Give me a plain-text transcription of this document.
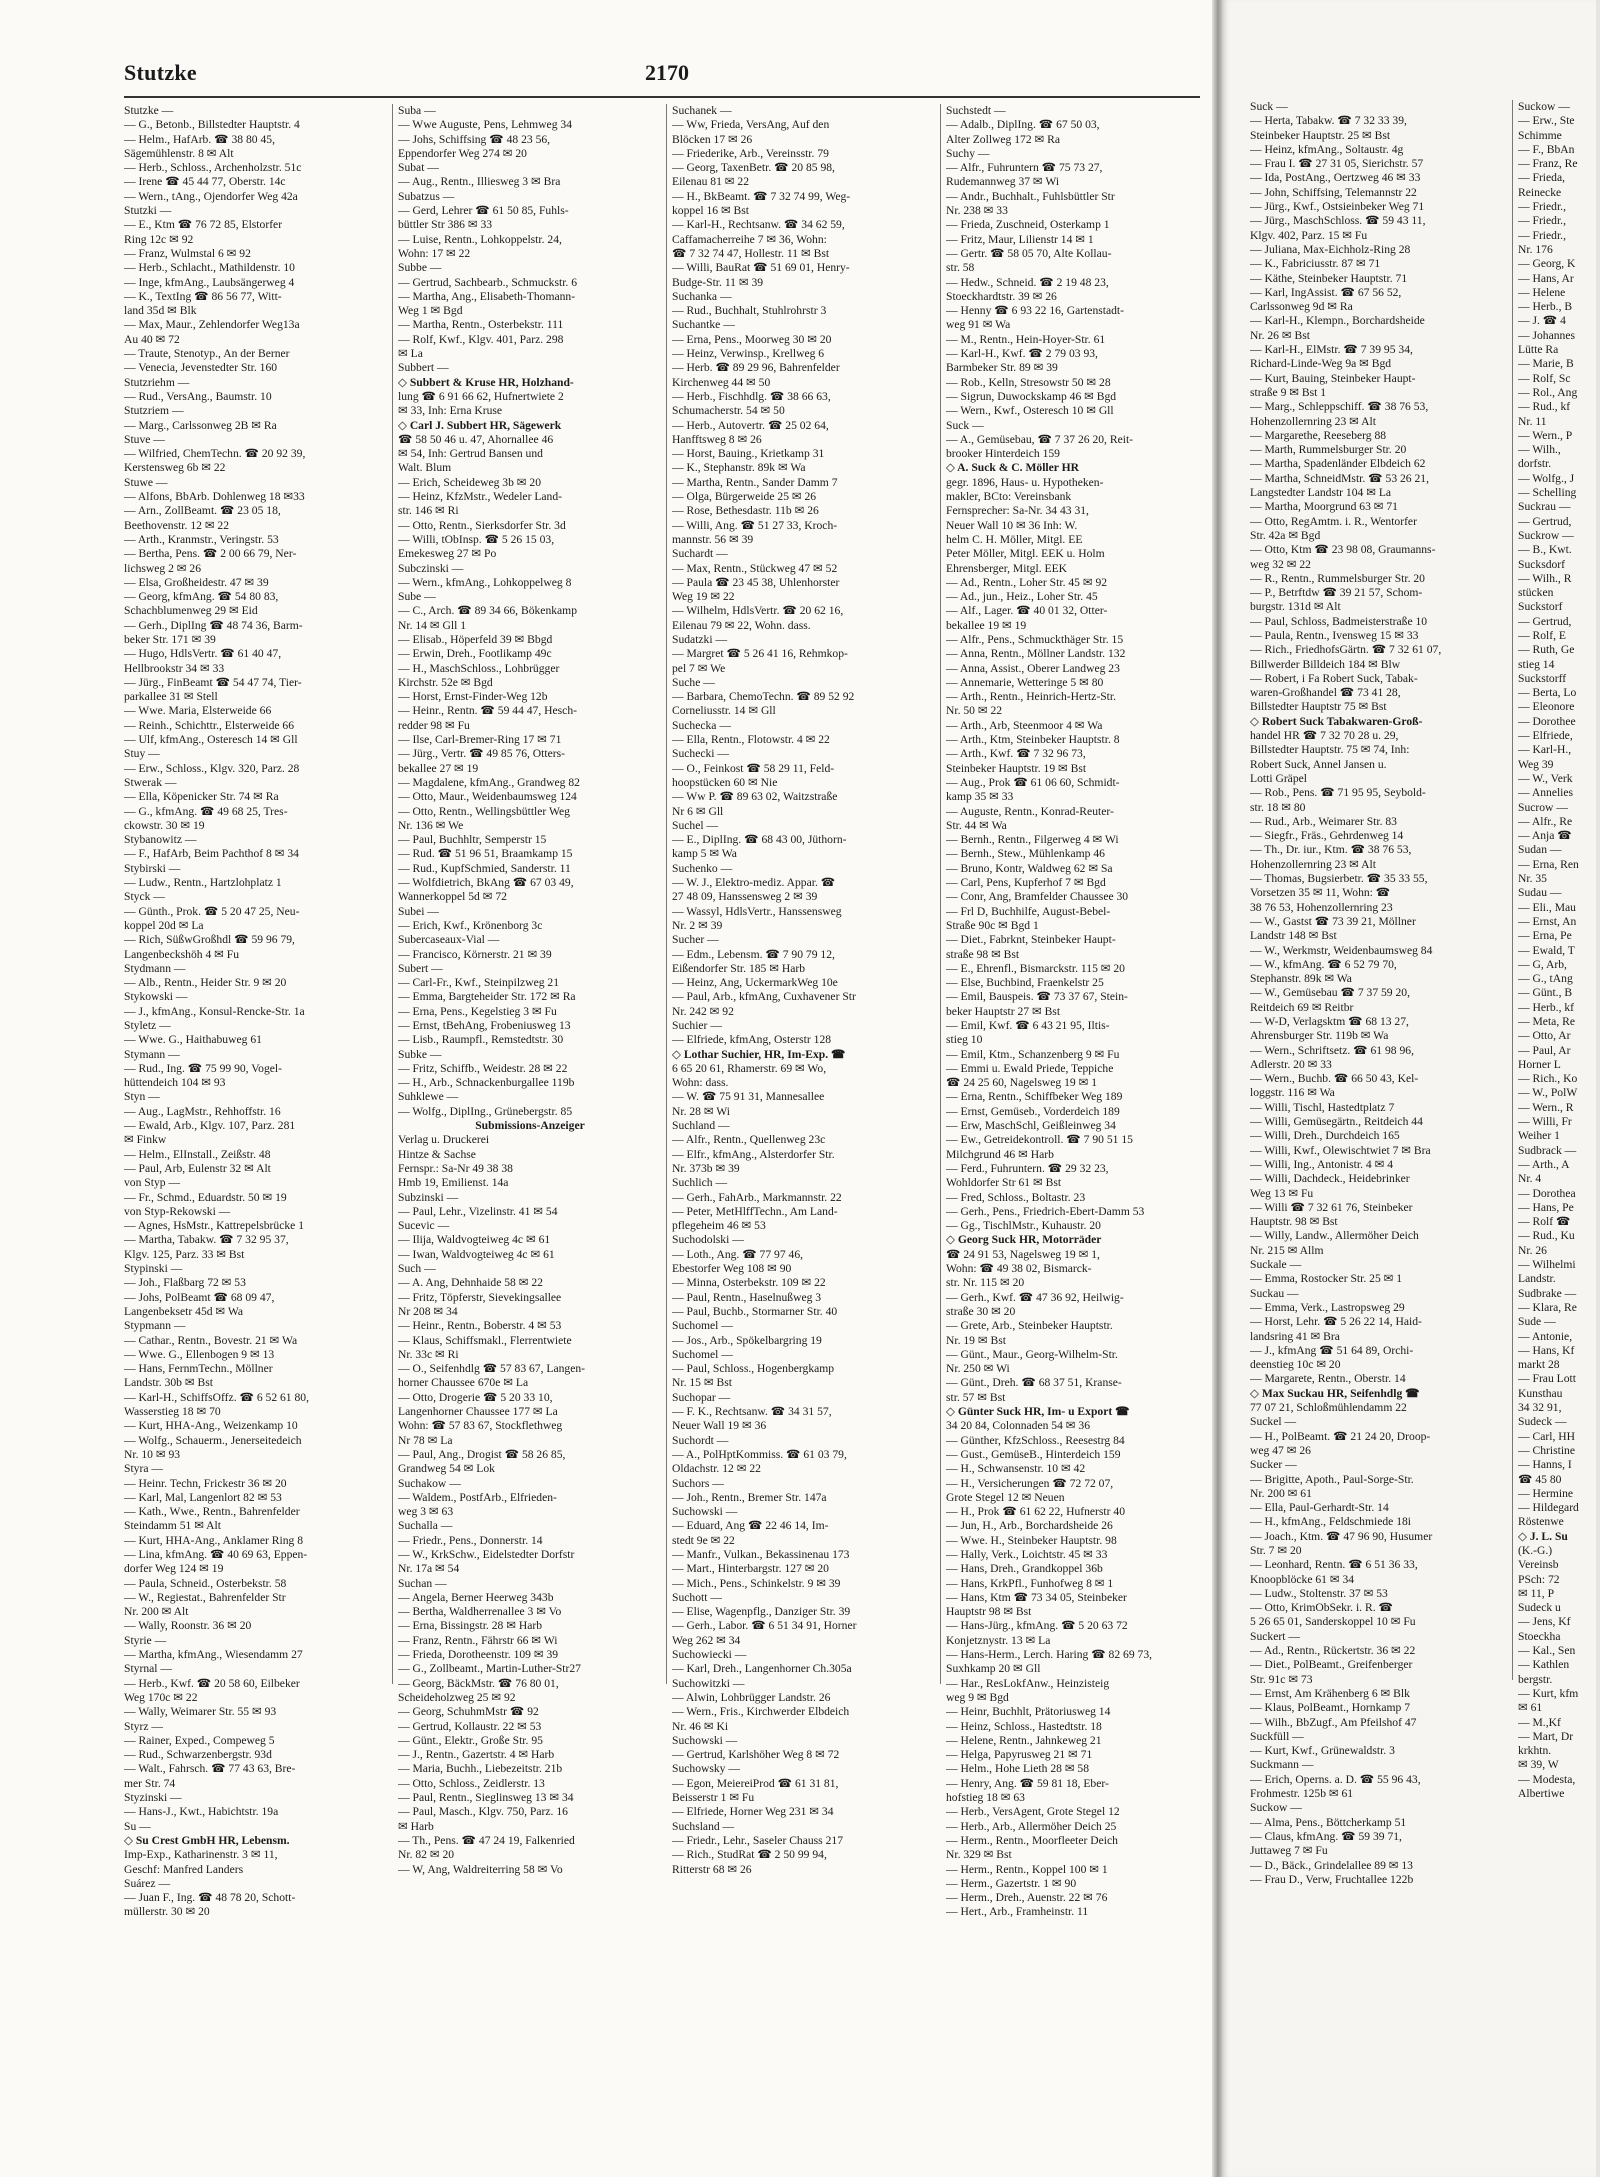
Stutzke	2170
Stutzke —
— G., Betonb., Billstedter Hauptstr. 4
— Helm., HafArb. ☎ 38 80 45,
Sägemühlenstr. 8 ✉ Alt
— Herb., Schloss., Archenholzstr. 51c
— Irene ☎ 45 44 77, Oberstr. 14c
— Wern., tAng., Ojendorfer Weg 42a
Stutzki —
— E., Ktm ☎ 76 72 85, Elstorfer
Ring 12c ✉ 92
— Franz, Wulmstal 6 ✉ 92
— Herb., Schlacht., Mathildenstr. 10
— Inge, kfmAng., Laubsängerweg 4
— K., TextIng ☎ 86 56 77, Witt-
land 35d ✉ Blk
— Max, Maur., Zehlendorfer Weg13a
Au 40 ✉ 72
— Traute, Stenotyp., An der Berner
— Venecia, Jevenstedter Str. 160
Stutzriehm —
— Rud., VersAng., Baumstr. 10
Stutzriem —
— Marg., Carlssonweg 2B ✉ Ra
Stuve —
— Wilfried, ChemTechn. ☎ 20 92 39,
Kerstensweg 6b ✉ 22
Stuwe —
— Alfons, BbArb. Dohlenweg 18 ✉33
— Arn., ZollBeamt. ☎ 23 05 18,
Beethovenstr. 12 ✉ 22
— Arth., Kranmstr., Veringstr. 53
— Bertha, Pens. ☎ 2 00 66 79, Ner-
lichsweg 2 ✉ 26
— Elsa, Großheidestr. 47 ✉ 39
— Georg, kfmAng. ☎ 54 80 83,
Schachblumenweg 29 ✉ Eid
— Gerh., DiplIng ☎ 48 74 36, Barm-
beker Str. 171 ✉ 39
— Hugo, HdlsVertr. ☎ 61 40 47,
Hellbrookstr 34 ✉ 33
— Jürg., FinBeamt ☎ 54 47 74, Tier-
parkallee 31 ✉ Stell
— Wwe. Maria, Elsterweide 66
— Reinh., Schichttr., Elsterweide 66
— Ulf, kfmAng., Osteresch 14 ✉ Gll
Stuy —
— Erw., Schloss., Klgv. 320, Parz. 28
Stwerak —
— Ella, Köpenicker Str. 74 ✉ Ra
— G., kfmAng. ☎ 49 68 25, Tres-
ckowstr. 30 ✉ 19
Stybanowitz —
— F., HafArb, Beim Pachthof 8 ✉ 34
Stybirski —
— Ludw., Rentn., Hartzlohplatz 1
Styck —
— Günth., Prok. ☎ 5 20 47 25, Neu-
koppel 20d ✉ La
— Rich, SüßwGroßhdl ☎ 59 96 79,
Langenbeckshöh 4 ✉ Fu
Stydmann —
— Alb., Rentn., Heider Str. 9 ✉ 20
Stykowski —
— J., kfmAng., Konsul-Rencke-Str. 1a
Styletz —
— Wwe. G., Haithabuweg 61
Stymann —
— Rud., Ing. ☎ 75 99 90, Vogel-
hüttendeich 104 ✉ 93
Styn —
— Aug., LagMstr., Rehhoffstr. 16
— Ewald, Arb., Klgv. 107, Parz. 281
✉ Finkw
— Helm., ElInstall., Zeißstr. 48
— Paul, Arb, Eulenstr 32 ✉ Alt
von Styp —
— Fr., Schmd., Eduardstr. 50 ✉ 19
von Styp-Rekowski —
— Agnes, HsMstr., Kattrepelsbrücke 1
— Martha, Tabakw. ☎ 7 32 95 37,
Klgv. 125, Parz. 33 ✉ Bst
Stypinski —
— Joh., Flaßbarg 72 ✉ 53
— Johs, PolBeamt ☎ 68 09 47,
Langenbeksetr 45d ✉ Wa
Stypmann —
— Cathar., Rentn., Bovestr. 21 ✉ Wa
— Wwe. G., Ellenbogen 9 ✉ 13
— Hans, FernmTechn., Möllner
Landstr. 30b ✉ Bst
— Karl-H., SchiffsOffz. ☎ 6 52 61 80,
Wasserstieg 18 ✉ 70
— Kurt, HHA-Ang., Weizenkamp 10
— Wolfg., Schauerm., Jenerseitedeich
Nr. 10 ✉ 93
Styra —
— Heinr. Techn, Frickestr 36 ✉ 20
— Karl, Mal, Langenlort 82 ✉ 53
— Kath., Wwe., Rentn., Bahrenfelder
Steindamm 51 ✉ Alt
— Kurt, HHA-Ang., Anklamer Ring 8
— Lina, kfmAng. ☎ 40 69 63, Eppen-
dorfer Weg 124 ✉ 19
— Paula, Schneid., Osterbekstr. 58
— W., Regiestat., Bahrenfelder Str
Nr. 200 ✉ Alt
— Wally, Roonstr. 36 ✉ 20
Styrie —
— Martha, kfmAng., Wiesendamm 27
Styrnal —
— Herb., Kwf. ☎ 20 58 60, Eilbeker
Weg 170c ✉ 22
— Wally, Weimarer Str. 55 ✉ 93
Styrz —
— Rainer, Exped., Compeweg 5
— Rud., Schwarzenbergstr. 93d
— Walt., Fahrsch. ☎ 77 43 63, Bre-
mer Str. 74
Styzinski —
— Hans-J., Kwt., Habichtstr. 19a
Su —
◇ Su Crest GmbH HR, Lebensm.
Imp-Exp., Katharinenstr. 3 ✉ 11,
Geschf: Manfred Landers
Suárez —
— Juan F., Ing. ☎ 48 78 20, Schott-
müllerstr. 30 ✉ 20
Suba —
— Wwe Auguste, Pens, Lehmweg 34
— Johs, Schiffsing ☎ 48 23 56,
Eppendorfer Weg 274 ✉ 20
Subat —
— Aug., Rentn., Illiesweg 3 ✉ Bra
Subatzus —
— Gerd, Lehrer ☎ 61 50 85, Fuhls-
büttler Str 386 ✉ 33
— Luise, Rentn., Lohkoppelstr. 24,
Wohn: 17 ✉ 22
Subbe —
— Gertrud, Sachbearb., Schmuckstr. 6
— Martha, Ang., Elisabeth-Thomann-
Weg 1 ✉ Bgd
— Martha, Rentn., Osterbekstr. 111
— Rolf, Kwf., Klgv. 401, Parz. 298
✉ La
Subbert —
◇ Subbert & Kruse HR, Holzhand-
lung ☎ 6 91 66 62, Hufnertwiete 2
✉ 33, Inh: Erna Kruse
◇ Carl J. Subbert HR, Sägewerk
☎ 58 50 46 u. 47, Ahornallee 46
✉ 54, Inh: Gertrud Bansen und
Walt. Blum
— Erich, Scheideweg 3b ✉ 20
— Heinz, KfzMstr., Wedeler Land-
str. 146 ✉ Ri
— Otto, Rentn., Sierksdorfer Str. 3d
— Willi, tObInsp. ☎ 5 26 15 03,
Emekesweg 27 ✉ Po
Subczinski —
— Wern., kfmAng., Lohkoppelweg 8
Sube —
— C., Arch. ☎ 89 34 66, Bökenkamp
Nr. 14 ✉ Gll 1
— Elisab., Höperfeld 39 ✉ Bbgd
— Erwin, Dreh., Footlikamp 49c
— H., MaschSchloss., Lohbrügger
Kirchstr. 52e ✉ Bgd
— Horst, Ernst-Finder-Weg 12b
— Heinr., Rentn. ☎ 59 44 47, Hesch-
redder 98 ✉ Fu
— Ilse, Carl-Bremer-Ring 17 ✉ 71
— Jürg., Vertr. ☎ 49 85 76, Otters-
bekallee 27 ✉ 19
— Magdalene, kfmAng., Grandweg 82
— Otto, Maur., Weidenbaumsweg 124
— Otto, Rentn., Wellingsbüttler Weg
Nr. 136 ✉ We
— Paul, Buchhltr, Semperstr 15
— Rud. ☎ 51 96 51, Braamkamp 15
— Rud., KupfSchmied, Sanderstr. 11
— Wolfdietrich, BkAng ☎ 67 03 49,
Wannerkoppel 5d ✉ 72
Subei —
— Erich, Kwf., Krönenborg 3c
Subercaseaux-Vial —
— Francisco, Körnerstr. 21 ✉ 39
Subert —
— Carl-Fr., Kwf., Steinpilzweg 21
— Emma, Bargteheider Str. 172 ✉ Ra
— Erna, Pens., Kegelstieg 3 ✉ Fu
— Ernst, tBehAng, Frobeniusweg 13
— Lisb., Raumpfl., Remstedtstr. 30
Subke —
— Fritz, Schiffb., Weidestr. 28 ✉ 22
— H., Arb., Schnackenburgallee 119b
Suhklewe —
— Wolfg., DiplIng., Grünebergstr. 85
Submissions-Anzeiger
Verlag u. Druckerei
Hintze & Sachse
Fernspr.: Sa-Nr 49 38 38
Hmb 19, Emilienst. 14a
Subzinski —
— Paul, Lehr., Vizelinstr. 41 ✉ 54
Sucevic —
— Ilija, Waldvogteiweg 4c ✉ 61
— Iwan, Waldvogteiweg 4c ✉ 61
Such —
— A. Ang, Dehnhaide 58 ✉ 22
— Fritz, Töpferstr, Sievekingsallee
Nr 208 ✉ 34
— Heinr., Rentn., Boberstr. 4 ✉ 53
— Klaus, Schiffsmakl., Flerrentwiete
Nr. 33c ✉ Ri
— O., Seifenhdlg ☎ 57 83 67, Langen-
horner Chaussee 670e ✉ La
— Otto, Drogerie ☎ 5 20 33 10,
Langenhorner Chaussee 177 ✉ La
Wohn: ☎ 57 83 67, Stockflethweg
Nr 78 ✉ La
— Paul, Ang., Drogist ☎ 58 26 85,
Grandweg 54 ✉ Lok
Suchakow —
— Waldem., PostfArb., Elfrieden-
weg 3 ✉ 63
Suchalla —
— Friedr., Pens., Donnerstr. 14
— W., KrkSchw., Eidelstedter Dorfstr
Nr. 17a ✉ 54
Suchan —
— Angela, Berner Heerweg 343b
— Bertha, Waldherrenallee 3 ✉ Vo
— Erna, Bissingstr. 28 ✉ Harb
— Franz, Rentn., Fährstr 66 ✉ Wi
— Frieda, Dorotheenstr. 109 ✉ 39
— G., Zollbeamt., Martin-Luther-Str27
— Georg, BäckMstr. ☎ 76 80 01,
Scheideholzweg 25 ✉ 92
— Georg, SchuhmMstr ☎ 92
— Gertrud, Kollaustr. 22 ✉ 53
— Günt., Elektr., Große Str. 95
— J., Rentn., Gazertstr. 4 ✉ Harb
— Maria, Buchh., Liebezeitstr. 21b
— Otto, Schloss., Zeidlerstr. 13
— Paul, Rentn., Sieglinsweg 13 ✉ 34
— Paul, Masch., Klgv. 750, Parz. 16
✉ Harb
— Th., Pens. ☎ 47 24 19, Falkenried
Nr. 82 ✉ 20
— W, Ang, Waldreiterring 58 ✉ Vo
Suchanek —
— Ww, Frieda, VersAng, Auf den
Blöcken 17 ✉ 26
— Friederike, Arb., Vereinsstr. 79
— Georg, TaxenBetr. ☎ 20 85 98,
Eilenau 81 ✉ 22
— H., BkBeamt. ☎ 7 32 74 99, Weg-
koppel 16 ✉ Bst
— Karl-H., Rechtsanw. ☎ 34 62 59,
Caffamacherreihe 7 ✉ 36, Wohn:
☎ 7 32 74 47, Hollestr. 11 ✉ Bst
— Willi, BauRat ☎ 51 69 01, Henry-
Budge-Str. 11 ✉ 39
Suchanka —
— Rud., Buchhalt, Stuhlrohrstr 3
Suchantke —
— Erna, Pens., Moorweg 30 ✉ 20
— Heinz, Verwinsp., Krellweg 6
— Herb. ☎ 89 29 96, Bahrenfelder
Kirchenweg 44 ✉ 50
— Herb., Fischhdlg. ☎ 38 66 63,
Schumacherstr. 54 ✉ 50
— Herb., Autovertr. ☎ 25 02 64,
Hanfftsweg 8 ✉ 26
— Horst, Bauing., Krietkamp 31
— K., Stephanstr. 89k ✉ Wa
— Martha, Rentn., Sander Damm 7
— Olga, Bürgerweide 25 ✉ 26
— Rose, Bethesdastr. 11b ✉ 26
— Willi, Ang. ☎ 51 27 33, Kroch-
mannstr. 56 ✉ 39
Suchardt —
— Max, Rentn., Stückweg 47 ✉ 52
— Paula ☎ 23 45 38, Uhlenhorster
Weg 19 ✉ 22
— Wilhelm, HdlsVertr. ☎ 20 62 16,
Eilenau 79 ✉ 22, Wohn. dass.
Sudatzki —
— Margret ☎ 5 26 41 16, Rehmkop-
pel 7 ✉ We
Suche —
— Barbara, ChemoTechn. ☎ 89 52 92
Corneliusstr. 14 ✉ Gll
Suchecka —
— Ella, Rentn., Flotowstr. 4 ✉ 22
Suchecki —
— O., Feinkost ☎ 58 29 11, Feld-
hoopstücken 60 ✉ Nie
— Ww P. ☎ 89 63 02, Waitzstraße
Nr 6 ✉ Gll
Suchel —
— E., DiplIng. ☎ 68 43 00, Jüthorn-
kamp 5 ✉ Wa
Suchenko —
— W. J., Elektro-mediz. Appar. ☎
27 48 09, Hanssensweg 2 ✉ 39
— Wassyl, HdlsVertr., Hanssensweg
Nr. 2 ✉ 39
Sucher —
— Edm., Lebensm. ☎ 7 90 79 12,
Eißendorfer Str. 185 ✉ Harb
— Heinz, Ang, UckermarkWeg 10e
— Paul, Arb., kfmAng, Cuxhavener Str
Nr. 242 ✉ 92
Suchier —
— Elfriede, kfmAng, Osterstr 128
◇ Lothar Suchier, HR, Im-Exp. ☎
6 65 20 61, Rhamerstr. 69 ✉ Wo,
Wohn: dass.
— W. ☎ 75 91 31, Mannesallee
Nr. 28 ✉ Wi
Suchland —
— Alfr., Rentn., Quellenweg 23c
— Elfr., kfmAng., Alsterdorfer Str.
Nr. 373b ✉ 39
Suchlich —
— Gerh., FahArb., Markmannstr. 22
— Peter, MetHlffTechn., Am Land-
pflegeheim 46 ✉ 53
Suchodolski —
— Loth., Ang. ☎ 77 97 46,
Ebestorfer Weg 108 ✉ 90
— Minna, Osterbekstr. 109 ✉ 22
— Paul, Rentn., Haselnußweg 3
— Paul, Buchb., Stormarner Str. 40
Suchomel —
— Jos., Arb., Spökelbargring 19
Suchomel —
— Paul, Schloss., Hogenbergkamp
Nr. 15 ✉ Bst
Suchopar —
— F. K., Rechtsanw. ☎ 34 31 57,
Neuer Wall 19 ✉ 36
Suchordt —
— A., PolHptKommiss. ☎ 61 03 79,
Oldachstr. 12 ✉ 22
Suchors —
— Joh., Rentn., Bremer Str. 147a
Suchowski —
— Eduard, Ang ☎ 22 46 14, Im-
stedt 9e ✉ 22
— Manfr., Vulkan., Bekassinenau 173
— Mart., Hinterbargstr. 127 ✉ 20
— Mich., Pens., Schinkelstr. 9 ✉ 39
Suchott —
— Elise, Wagenpflg., Danziger Str. 39
— Gerh., Labor. ☎ 6 51 34 91, Horner
Weg 262 ✉ 34
Suchowiecki —
— Karl, Dreh., Langenhorner Ch.305a
Suchowitzki —
— Alwin, Lohbrügger Landstr. 26
— Wern., Fris., Kirchwerder Elbdeich
Nr. 46 ✉ Ki
Suchowski —
— Gertrud, Karlshöher Weg 8 ✉ 72
Suchowsky —
— Egon, MeiereiProd ☎ 61 31 81,
Beisserstr 1 ✉ Fu
— Elfriede, Horner Weg 231 ✉ 34
Suchsland —
— Friedr., Lehr., Saseler Chauss 217
— Rich., StudRat ☎ 2 50 99 94,
Ritterstr 68 ✉ 26
Suchstedt —
— Adalb., DiplIng. ☎ 67 50 03,
Alter Zollweg 172 ✉ Ra
Suchy —
— Alfr., Fuhruntern ☎ 75 73 27,
Rudemannweg 37 ✉ Wi
— Andr., Buchhalt., Fuhlsbüttler Str
Nr. 238 ✉ 33
— Frieda, Zuschneid, Osterkamp 1
— Fritz, Maur, Lilienstr 14 ✉ 1
— Gertr. ☎ 58 05 70, Alte Kollau-
str. 58
— Hedw., Schneid. ☎ 2 19 48 23,
Stoeckhardtstr. 39 ✉ 26
— Henny ☎ 6 93 22 16, Gartenstadt-
weg 91 ✉ Wa
— M., Rentn., Hein-Hoyer-Str. 61
— Karl-H., Kwf. ☎ 2 79 03 93,
Barmbeker Str. 89 ✉ 39
— Rob., Kelln, Stresowstr 50 ✉ 28
— Sigrun, Duwockskamp 46 ✉ Bgd
— Wern., Kwf., Osteresch 10 ✉ Gll
Suck —
— A., Gemüsebau, ☎ 7 37 26 20, Reit-
brooker Hinterdeich 159
◇ A. Suck & C. Möller HR
gegr. 1896, Haus- u. Hypotheken-
makler, BCto: Vereinsbank
Fernsprecher: Sa-Nr. 34 43 31,
Neuer Wall 10 ✉ 36 Inh: W.
helm C. H. Möller, Mitgl. EE
Peter Möller, Mitgl. EEK u. Holm
Ehrensberger, Mitgl. EEK
— Ad., Rentn., Loher Str. 45 ✉ 92
— Ad., jun., Heiz., Loher Str. 45
— Alf., Lager. ☎ 40 01 32, Otter-
bekallee 19 ✉ 19
— Alfr., Pens., Schmuckthäger Str. 15
— Anna, Rentn., Möllner Landstr. 132
— Anna, Assist., Oberer Landweg 23
— Annemarie, Wetteringe 5 ✉ 80
— Arth., Rentn., Heinrich-Hertz-Str.
Nr. 50 ✉ 22
— Arth., Arb, Steenmoor 4 ✉ Wa
— Arth., Ktm, Steinbeker Hauptstr. 8
— Arth., Kwf. ☎ 7 32 96 73,
Steinbeker Hauptstr. 19 ✉ Bst
— Aug., Prok ☎ 61 06 60, Schmidt-
kamp 35 ✉ 33
— Auguste, Rentn., Konrad-Reuter-
Str. 44 ✉ Wa
— Bernh., Rentn., Filgerweg 4 ✉ Wi
— Bernh., Stew., Mühlenkamp 46
— Bruno, Kontr, Waldweg 62 ✉ Sa
— Carl, Pens, Kupferhof 7 ✉ Bgd
— Conr, Ang, Bramfelder Chaussee 30
— Frl D, Buchhilfe, August-Bebel-
Straße 90c ✉ Bgd 1
— Diet., Fabrknt, Steinbeker Haupt-
straße 98 ✉ Bst
— E., Ehrenfl., Bismarckstr. 115 ✉ 20
— Else, Buchbind, Fraenkelstr 25
— Emil, Bauspeis. ☎ 73 37 67, Stein-
beker Hauptstr 27 ✉ Bst
— Emil, Kwf. ☎ 6 43 21 95, Iltis-
stieg 10
— Emil, Ktm., Schanzenberg 9 ✉ Fu
— Emmi u. Ewald Priede, Teppiche
☎ 24 25 60, Nagelsweg 19 ✉ 1
— Erna, Rentn., Schiffbeker Weg 189
— Ernst, Gemüseb., Vorderdeich 189
— Erw, MaschSchl, Geißleinweg 34
— Ew., Getreidekontroll. ☎ 7 90 51 15
Milchgrund 46 ✉ Harb
— Ferd., Fuhruntern. ☎ 29 32 23,
Wohldorfer Str 61 ✉ Bst
— Fred, Schloss., Boltastr. 23
— Gerh., Pens., Friedrich-Ebert-Damm 53
— Gg., TischlMstr., Kuhaustr. 20
◇ Georg Suck HR, Motorräder
☎ 24 91 53, Nagelsweg 19 ✉ 1,
Wohn: ☎ 49 38 02, Bismarck-
str. Nr. 115 ✉ 20
— Gerh., Kwf. ☎ 47 36 92, Heilwig-
straße 30 ✉ 20
— Grete, Arb., Steinbeker Hauptstr.
Nr. 19 ✉ Bst
— Günt., Maur., Georg-Wilhelm-Str.
Nr. 250 ✉ Wi
— Günt., Dreh. ☎ 68 37 51, Kranse-
str. 57 ✉ Bst
◇ Günter Suck HR, Im- u Export ☎
34 20 84, Colonnaden 54 ✉ 36
— Günther, KfzSchloss., Reesestrg 84
— Gust., GemüseB., Hinterdeich 159
— H., Schwansenstr. 10 ✉ 42
— H., Versicherungen ☎ 72 72 07,
Grote Stegel 12 ✉ Neuen
— H., Prok ☎ 61 62 22, Hufnerstr 40
— Jun, H., Arb., Borchardsheide 26
— Wwe. H., Steinbeker Hauptstr. 98
— Hally, Verk., Loichtstr. 45 ✉ 33
— Hans, Dreh., Grandkoppel 36b
— Hans, KrkPfl., Funhofweg 8 ✉ 1
— Hans, Ktm ☎ 73 34 05, Steinbeker
Hauptstr 98 ✉ Bst
— Hans-Jürg., kfmAng. ☎ 5 20 63 72
Konjetznystr. 13 ✉ La
— Hans-Herm., Lerch. Haring ☎ 82 69 73,
Suxhkamp 20 ✉ Gll
— Har., ResLokfAnw., Heinzisteig
weg 9 ✉ Bgd
— Heinr, Buchhlt, Prätoriusweg 14
— Heinz, Schloss., Hastedtstr. 18
— Helene, Rentn., Jahnkeweg 21
— Helga, Papyrusweg 21 ✉ 71
— Helm., Hohe Lieth 28 ✉ 58
— Henry, Ang. ☎ 59 81 18, Eber-
hofstieg 18 ✉ 63
— Herb., VersAgent, Grote Stegel 12
— Herb., Arb., Allermöher Deich 25
— Herm., Rentn., Moorfleeter Deich
Nr. 329 ✉ Bst
— Herm., Rentn., Koppel 100 ✉ 1
— Herm., Gazertstr. 1 ✉ 90
— Herm., Dreh., Auenstr. 22 ✉ 76
— Hert., Arb., Framheinstr. 11
Suck —
— Herta, Tabakw. ☎ 7 32 33 39,
Steinbeker Hauptstr. 25 ✉ Bst
— Heinz, kfmAng., Soltaustr. 4g
— Frau I. ☎ 27 31 05, Sierichstr. 57
— Ida, PostAng., Oertzweg 46 ✉ 33
— John, Schiffsing, Telemannstr 22
— Jürg., Kwf., Ostsieinbeker Weg 71
— Jürg., MaschSchloss. ☎ 59 43 11,
Klgv. 402, Parz. 15 ✉ Fu
— Juliana, Max-Eichholz-Ring 28
— K., Fabriciusstr. 87 ✉ 71
— Käthe, Steinbeker Hauptstr. 71
— Karl, IngAssist. ☎ 67 56 52,
Carlssonweg 9d ✉ Ra
— Karl-H., Klempn., Borchardsheide
Nr. 26 ✉ Bst
— Karl-H., ElMstr. ☎ 7 39 95 34,
Richard-Linde-Weg 9a ✉ Bgd
— Kurt, Bauing, Steinbeker Haupt-
straße 9 ✉ Bst 1
— Marg., Schleppschiff. ☎ 38 76 53,
Hohenzollernring 23 ✉ Alt
— Margarethe, Reeseberg 88
— Marth, Rummelsburger Str. 20
— Martha, Spadenländer Elbdeich 62
— Martha, SchneidMstr. ☎ 53 26 21,
Langstedter Landstr 104 ✉ La
— Martha, Moorgrund 63 ✉ 71
— Otto, RegAmtm. i. R., Wentorfer
Str. 42a ✉ Bgd
— Otto, Ktm ☎ 23 98 08, Graumanns-
weg 32 ✉ 22
— R., Rentn., Rummelsburger Str. 20
— P., Betrftdw ☎ 39 21 57, Schom-
burgstr. 131d ✉ Alt
— Paul, Schloss, Badmeisterstraße 10
— Paula, Rentn., Ivensweg 15 ✉ 33
— Rich., FriedhofsGärtn. ☎ 7 32 61 07,
Billwerder Billdeich 184 ✉ Blw
— Robert, i Fa Robert Suck, Tabak-
waren-Großhandel ☎ 73 41 28,
Billstedter Hauptstr 75 ✉ Bst
◇ Robert Suck Tabakwaren-Groß-
handel HR ☎ 7 32 70 28 u. 29,
Billstedter Hauptstr. 75 ✉ 74, Inh:
Robert Suck, Annel Jansen u.
Lotti Gräpel
— Rob., Pens. ☎ 71 95 95, Seybold-
str. 18 ✉ 80
— Rud., Arb., Weimarer Str. 83
— Siegfr., Fräs., Gehrdenweg 14
— Th., Dr. iur., Ktm. ☎ 38 76 53,
Hohenzollernring 23 ✉ Alt
— Thomas, Bugsierbetr. ☎ 35 33 55,
Vorsetzen 35 ✉ 11, Wohn: ☎
38 76 53, Hohenzollernring 23
— W., Gastst ☎ 73 39 21, Möllner
Landstr 148 ✉ Bst
— W., Werkmstr, Weidenbaumsweg 84
— W., kfmAng. ☎ 6 52 79 70,
Stephanstr. 89k ✉ Wa
— W., Gemüsebau ☎ 7 37 59 20,
Reitdeich 69 ✉ Reitbr
— W-D, Verlagsktm ☎ 68 13 27,
Ahrensburger Str. 119b ✉ Wa
— Wern., Schriftsetz. ☎ 61 98 96,
Adlerstr. 20 ✉ 33
— Wern., Buchb. ☎ 66 50 43, Kel-
loggstr. 116 ✉ Wa
— Willi, Tischl, Hastedtplatz 7
— Willi, Gemüsegärtn., Reitdeich 44
— Willi, Dreh., Durchdeich 165
— Willi, Kwf., Olewischtwiet 7 ✉ Bra
— Willi, Ing., Antonistr. 4 ✉ 4
— Willi, Dachdeck., Heidebrinker
Weg 13 ✉ Fu
— Willi ☎ 7 32 61 76, Steinbeker
Hauptstr. 98 ✉ Bst
— Willy, Landw., Allermöher Deich
Nr. 215 ✉ Allm
Suckale —
— Emma, Rostocker Str. 25 ✉ 1
Suckau —
— Emma, Verk., Lastropsweg 29
— Horst, Lehr. ☎ 5 26 22 14, Haid-
landsring 41 ✉ Bra
— J., kfmAng ☎ 51 64 89, Orchi-
deenstieg 10c ✉ 20
— Margarete, Rentn., Oberstr. 14
◇ Max Suckau HR, Seifenhdlg ☎
77 07 21, Schloßmühlendamm 22
Suckel —
— H., PolBeamt. ☎ 21 24 20, Droop-
weg 47 ✉ 26
Sucker —
— Brigitte, Apoth., Paul-Sorge-Str.
Nr. 200 ✉ 61
— Ella, Paul-Gerhardt-Str. 14
— H., kfmAng., Feldschmiede 18i
— Joach., Ktm. ☎ 47 96 90, Husumer
Str. 7 ✉ 20
— Leonhard, Rentn. ☎ 6 51 36 33,
Knoopblöcke 61 ✉ 34
— Ludw., Stoltenstr. 37 ✉ 53
— Otto, KrimObSekr. i. R. ☎
5 26 65 01, Sanderskoppel 10 ✉ Fu
Suckert —
— Ad., Rentn., Rückertstr. 36 ✉ 22
— Diet., PolBeamt., Greifenberger
Str. 91c ✉ 73
— Ernst, Am Krähenberg 6 ✉ Blk
— Klaus, PolBeamt., Hornkamp 7
— Wilh., BbZugf., Am Pfeilshof 47
Suckfüll —
— Kurt, Kwf., Grünewaldstr. 3
Suckmann —
— Erich, Operns. a. D. ☎ 55 96 43,
Frohmestr. 125b ✉ 61
Suckow —
— Alma, Pens., Böttcherkamp 51
— Claus, kfmAng. ☎ 59 39 71,
Juttaweg 7 ✉ Fu
— D., Bäck., Grindelallee 89 ✉ 13
— Frau D., Verw, Fruchtallee 122b
Suckow —
— Erw., Ste
Schimme
— F., BbAn
— Franz, Re
— Frieda,
Reinecke
— Friedr.,
— Friedr.,
— Friedr.,
Nr. 176
— Georg, K
— Hans, Ar
— Helene
— Herb., B
— J. ☎ 4
— Johannes
Lütte Ra
— Marie, B
— Rolf, Sc
— Rol., Ang
— Rud., kf
Nr. 11
— Wern., P
— Wilh.,
dorfstr.
— Wolfg., J
— Schelling
Suckrau —
— Gertrud,
Suckrow —
— B., Kwt.
Sucksdorf
— Wilh., R
stücken
Suckstorf
— Gertrud,
— Rolf, E
— Ruth, Ge
stieg 14
Suckstorff
— Berta, Lo
— Eleonore
— Dorothee
— Elfriede,
— Karl-H.,
Weg 39
— W., Verk
— Annelies
Sucrow —
— Alfr., Re
— Anja ☎
Sudan —
— Erna, Ren
Nr. 35
Sudau —
— Eli., Mau
— Ernst, An
— Erna, Pe
— Ewald, T
— G, Arb,
— G., tAng
— Günt., B
— Herb., kf
— Meta, Re
— Otto, Ar
— Paul, Ar
Horner L
— Rich., Ko
— W., PolW
— Wern., R
— Willi, Fr
Weiher 1
Sudbrack —
— Arth., A
Nr. 4
— Dorothea
— Hans, Pe
— Rolf ☎
— Rud., Ku
Nr. 26
— Wilhelmi
Landstr.
Sudbrake —
— Klara, Re
Sude —
— Antonie,
— Hans, Kf
markt 28
— Frau Lott
Kunsthau
34 32 91,
Sudeck —
— Carl, HH
— Christine
— Hanns, I
☎ 45 80
— Hermine
— Hildegard
Röstenwe
◇ J. L. Su
(K.-G.)
Vereinsb
PSch: 72
✉ 11, P
Sudeck u
— Jens, Kf
Stoeckha
— Kal., Sen
— Kathlen
bergstr.
— Kurt, kfm
✉ 61
— M.,Kf
— Mart, Dr
krkhtn.
✉ 39, W
— Modesta,
Albertiwe
